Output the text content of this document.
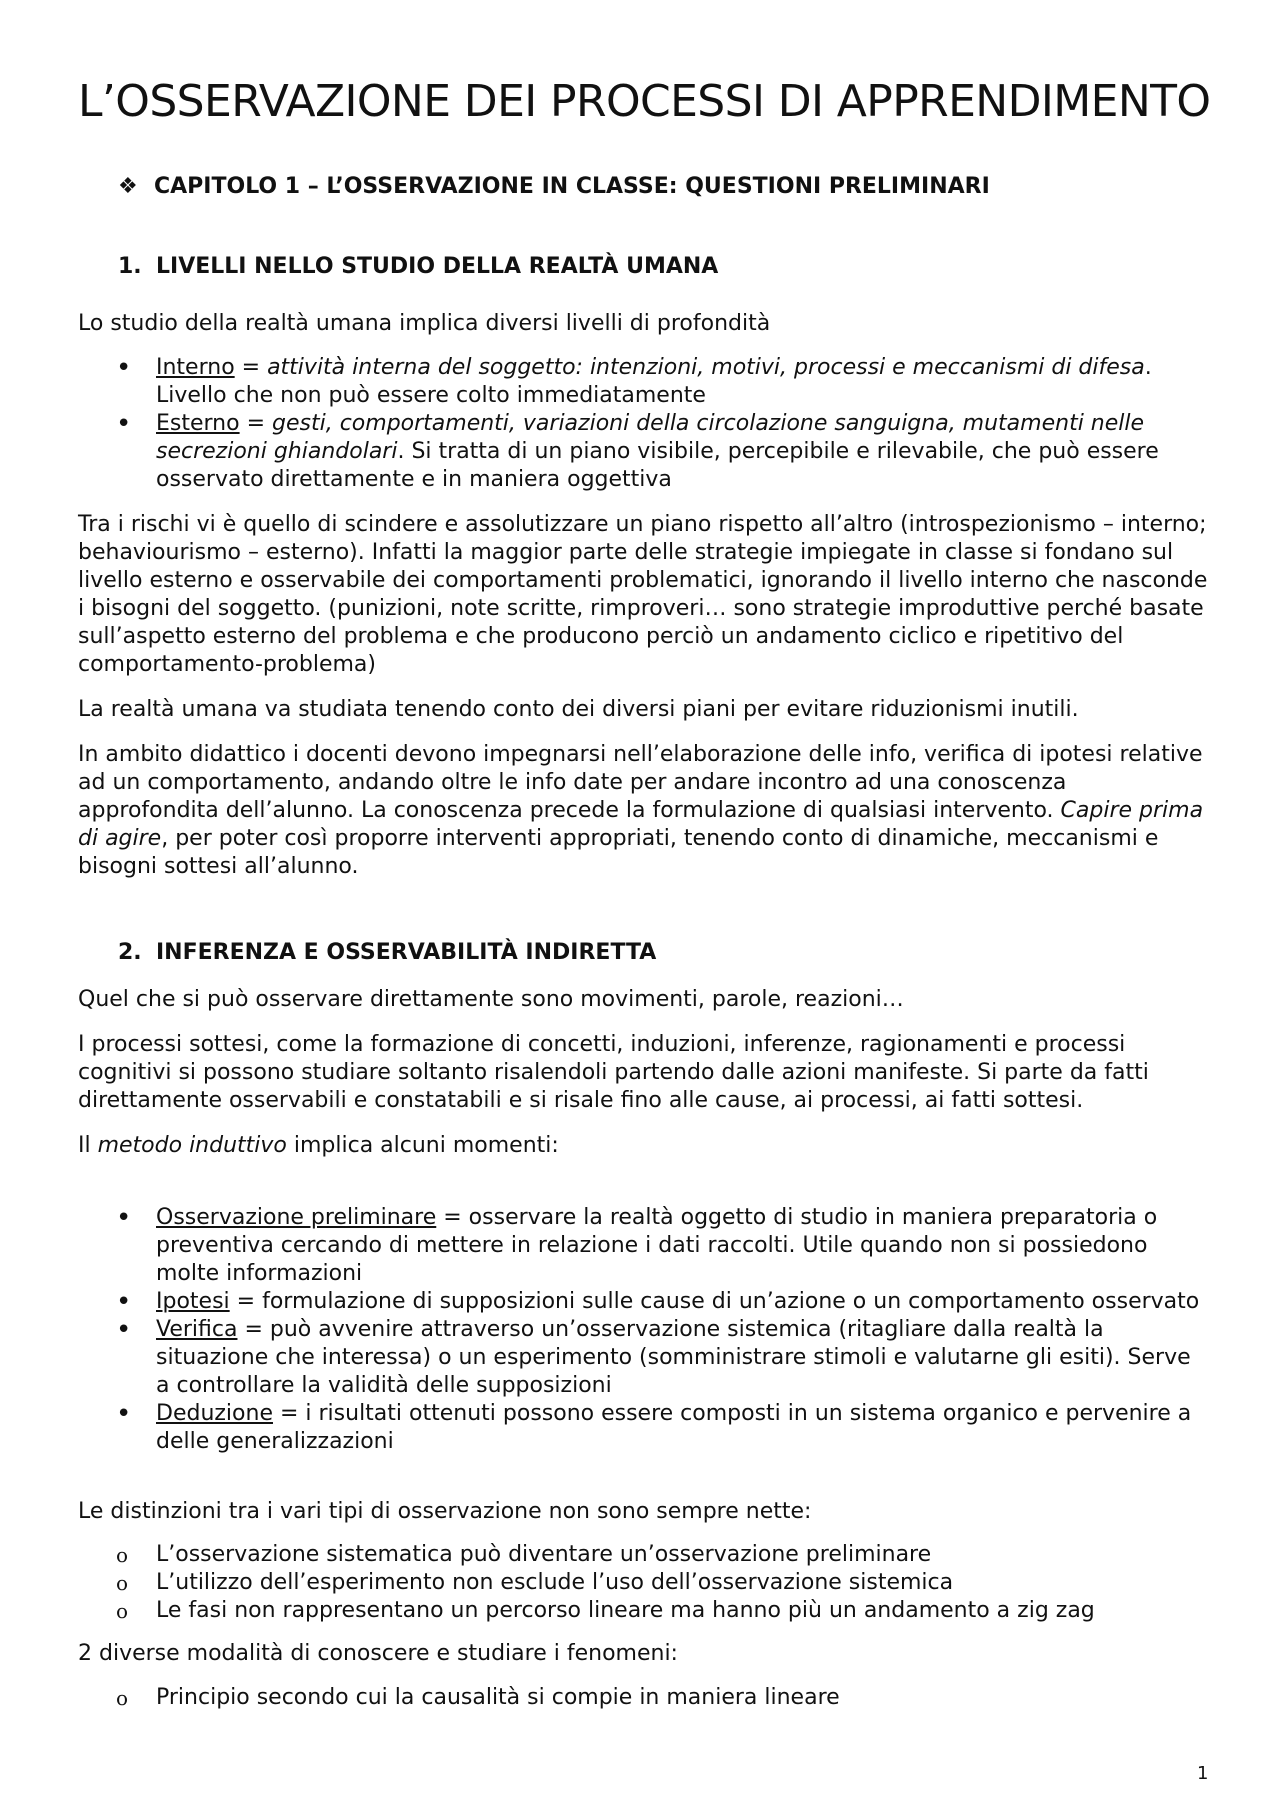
L’OSSERVAZIONE DEI PROCESSI DI APPRENDIMENTO
❖ CAPITOLO 1 – L’OSSERVAZIONE IN CLASSE: QUESTIONI PRELIMINARI
1. LIVELLI NELLO STUDIO DELLA REALTÀ UMANA

Lo studio della realtà umana implica diversi livelli di profondità

•
Interno = attività interna del soggetto: intenzioni, motivi, processi e meccanismi di difesa. Livello che non può essere colto immediatamente
•
Esterno = gesti, comportamenti, variazioni della circolazione sanguigna, mutamenti nelle secrezioni ghiandolari. Si tratta di un piano visibile, percepibile e rilevabile, che può essere osservato direttamente e in maniera oggettiva

Tra i rischi vi è quello di scindere e assolutizzare un piano rispetto all’altro (introspezionismo – interno; behaviourismo – esterno). Infatti la maggior parte delle strategie impiegate in classe si fondano sul livello esterno e osservabile dei comportamenti problematici, ignorando il livello interno che nasconde i bisogni del soggetto. (punizioni, note scritte, rimproveri… sono strategie improduttive perché basate sull’aspetto esterno del problema e che producono perciò un andamento ciclico e ripetitivo del comportamento-problema)

La realtà umana va studiata tenendo conto dei diversi piani per evitare riduzionismi inutili.

In ambito didattico i docenti devono impegnarsi nell’elaborazione delle info, verifica di ipotesi relative ad un comportamento, andando oltre le info date per andare incontro ad una conoscenza approfondita dell’alunno. La conoscenza precede la formulazione di qualsiasi intervento. Capire prima di agire, per poter così proporre interventi appropriati, tenendo conto di dinamiche, meccanismi e bisogni sottesi all’alunno.

2. INFERENZA E OSSERVABILITÀ INDIRETTA

Quel che si può osservare direttamente sono movimenti, parole, reazioni…

I processi sottesi, come la formazione di concetti, induzioni, inferenze, ragionamenti e processi cognitivi si possono studiare soltanto risalendoli partendo dalle azioni manifeste. Si parte da fatti direttamente osservabili e constatabili e si risale fino alle cause, ai processi, ai fatti sottesi.

Il metodo induttivo implica alcuni momenti:

•
Osservazione preliminare = osservare la realtà oggetto di studio in maniera preparatoria o preventiva cercando di mettere in relazione i dati raccolti. Utile quando non si possiedono molte informazioni
•
Ipotesi = formulazione di supposizioni sulle cause di un’azione o un comportamento osservato
•
Verifica = può avvenire attraverso un’osservazione sistemica (ritagliare dalla realtà la situazione che interessa) o un esperimento (somministrare stimoli e valutarne gli esiti). Serve a controllare la validità delle supposizioni
•
Deduzione = i risultati ottenuti possono essere composti in un sistema organico e pervenire a delle generalizzazioni

Le distinzioni tra i vari tipi di osservazione non sono sempre nette:

o	L’osservazione sistematica può diventare un’osservazione preliminare
o	L’utilizzo dell’esperimento non esclude l’uso dell’osservazione sistemica
o	Le fasi non rappresentano un percorso lineare ma hanno più un andamento a zig zag

2 diverse modalità di conoscere e studiare i fenomeni:

o	Principio secondo cui la causalità si compie in maniera lineare
1
